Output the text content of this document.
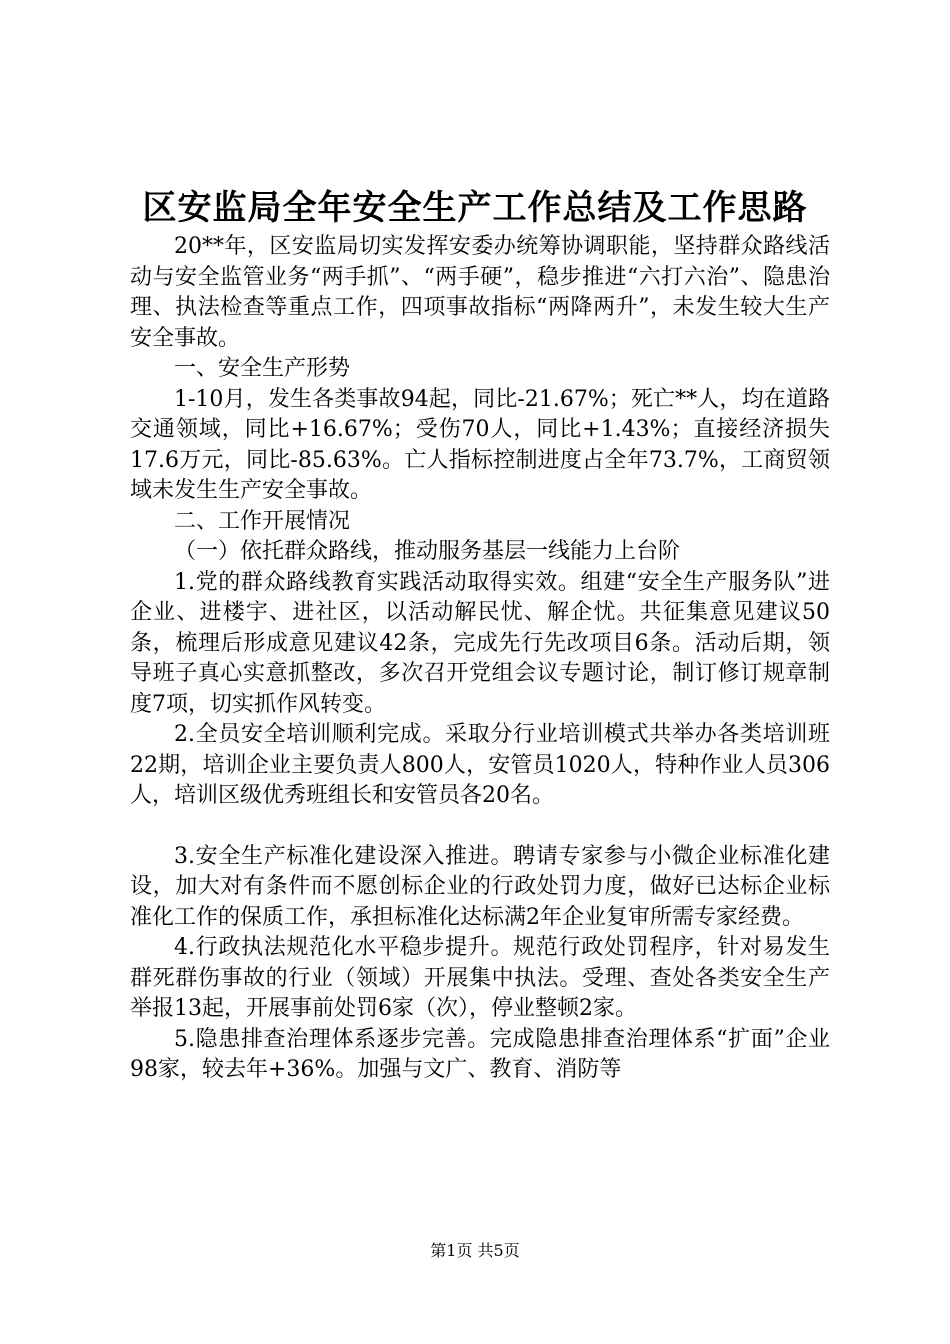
区安监局全年安全生产工作总结及工作思路

20**年，区安监局切实发挥安委办统筹协调职能，坚持群众路线活动与安全监管业务“两手抓”、“两手硬”，稳步推进“六打六治”、隐患治理、执法检查等重点工作，四项事故指标“两降两升”，未发生较大生产安全事故。

一、安全生产形势

1-10月，发生各类事故94起，同比-21.67%；死亡**人，均在道路交通领域，同比+16.67%；受伤70人，同比+1.43%；直接经济损失17.6万元，同比-85.63%。亡人指标控制进度占全年73.7%，工商贸领域未发生生产安全事故。

二、工作开展情况

（一）依托群众路线，推动服务基层一线能力上台阶

1.党的群众路线教育实践活动取得实效。组建“安全生产服务队”进企业、进楼宇、进社区，以活动解民忧、解企忧。共征集意见建议50条，梳理后形成意见建议42条，完成先行先改项目6条。活动后期，领导班子真心实意抓整改，多次召开党组会议专题讨论，制订修订规章制度7项，切实抓作风转变。

2.全员安全培训顺利完成。采取分行业培训模式共举办各类培训班22期，培训企业主要负责人800人，安管员1020人，特种作业人员306人，培训区级优秀班组长和安管员各20名。

3.安全生产标准化建设深入推进。聘请专家参与小微企业标准化建设，加大对有条件而不愿创标企业的行政处罚力度，做好已达标企业标准化工作的保质工作，承担标准化达标满2年企业复审所需专家经费。

4.行政执法规范化水平稳步提升。规范行政处罚程序，针对易发生群死群伤事故的行业（领域）开展集中执法。受理、查处各类安全生产举报13起，开展事前处罚6家（次），停业整顿2家。

5.隐患排查治理体系逐步完善。完成隐患排查治理体系“扩面”企业98家，较去年+36%。加强与文广、教育、消防等

第1页 共5页
